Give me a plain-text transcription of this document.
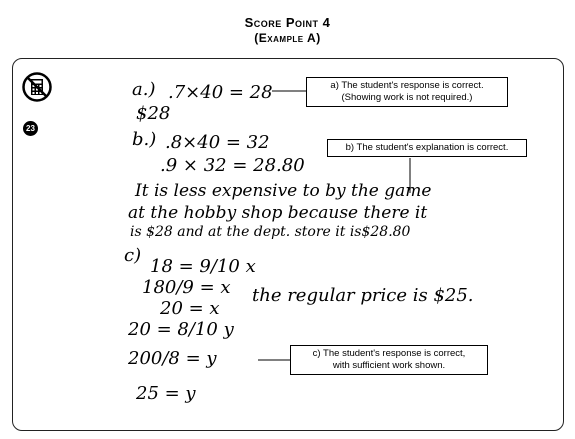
Score Point 4
(Example A)
23
a.) .7×40 = 28
$28
a) The student's response is correct.
(Showing work is not required.)
b.) .8×40 = 32
.9 × 32 = 28.80
b) The student's explanation is correct.
It is less expensive to by the game
at the hobby shop because there it
is $28 and at the dept. store it is$28.80
c)
18 = 9/10 x
180/9 = x
20 = x
the regular price is $25.
20 = 8/10 y
200/8 = y
25 = y
c) The student's response is correct,
with sufficient work shown.
